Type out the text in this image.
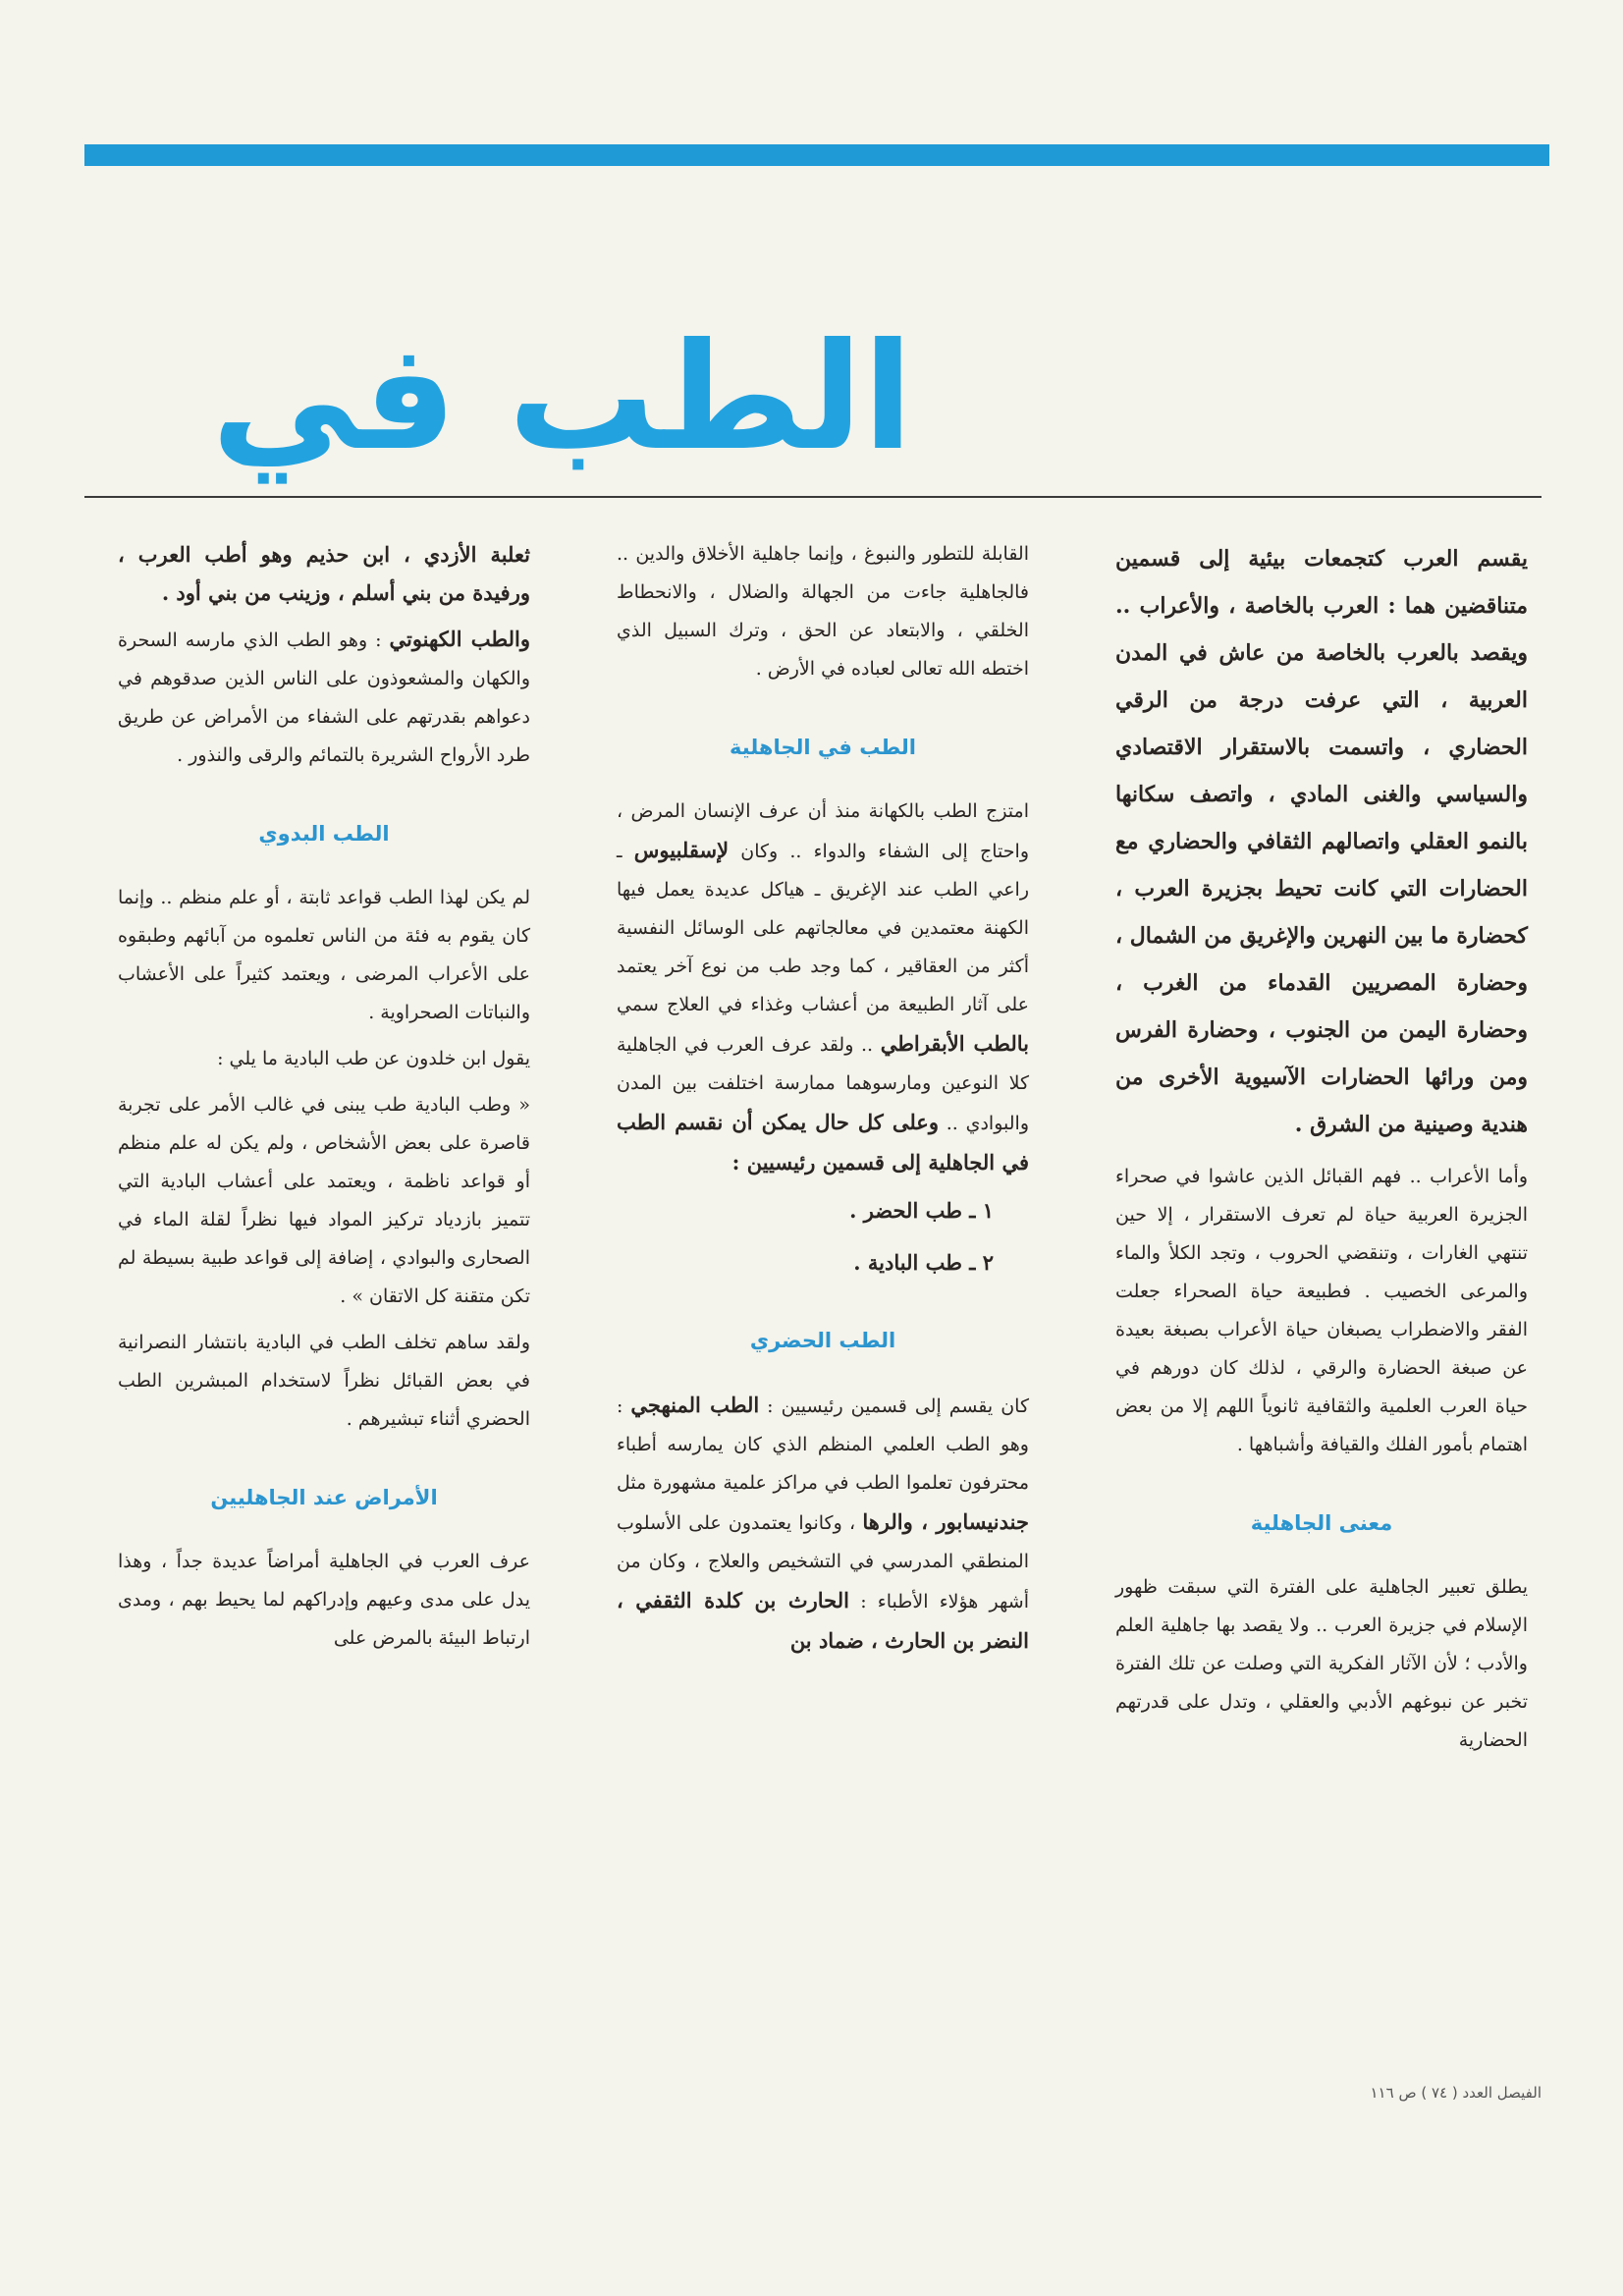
الطب في

يقسم العرب كتجمعات بيئية إلى قسمين متناقضين هما : العرب بالخاصة ، والأعراب .. ويقصد بالعرب بالخاصة من عاش في المدن العربية ، التي عرفت درجة من الرقي الحضاري ، واتسمت بالاستقرار الاقتصادي والسياسي والغنى المادي ، واتصف سكانها بالنمو العقلي واتصالهم الثقافي والحضاري مع الحضارات التي كانت تحيط بجزيرة العرب ، كحضارة ما بين النهرين والإغريق من الشمال ، وحضارة المصريين القدماء من الغرب ، وحضارة اليمن من الجنوب ، وحضارة الفرس ومن ورائها الحضارات الآسيوية الأخرى من هندية وصينية من الشرق .

وأما الأعراب .. فهم القبائل الذين عاشوا في صحراء الجزيرة العربية حياة لم تعرف الاستقرار ، إلا حين تنتهي الغارات ، وتنقضي الحروب ، وتجد الكلأ والماء والمرعى الخصيب . فطبيعة حياة الصحراء جعلت الفقر والاضطراب يصبغان حياة الأعراب بصبغة بعيدة عن صبغة الحضارة والرقي ، لذلك كان دورهم في حياة العرب العلمية والثقافية ثانوياً اللهم إلا من بعض اهتمام بأمور الفلك والقيافة وأشباهها .

معنى الجاهلية

يطلق تعبير الجاهلية على الفترة التي سبقت ظهور الإسلام في جزيرة العرب .. ولا يقصد بها جاهلية العلم والأدب ؛ لأن الآثار الفكرية التي وصلت عن تلك الفترة تخبر عن نبوغهم الأدبي والعقلي ، وتدل على قدرتهم الحضارية

القابلة للتطور والنبوغ ، وإنما جاهلية الأخلاق والدين .. فالجاهلية جاءت من الجهالة والضلال ، والانحطاط الخلقي ، والابتعاد عن الحق ، وترك السبيل الذي اختطه الله تعالى لعباده في الأرض .

الطب في الجاهلية

امتزج الطب بالكهانة منذ أن عرف الإنسان المرض ، واحتاج إلى الشفاء والدواء .. وكان لإسقلبيوس ـ راعي الطب عند الإغريق ـ هياكل عديدة يعمل فيها الكهنة معتمدين في معالجاتهم على الوسائل النفسية أكثر من العقاقير ، كما وجد طب من نوع آخر يعتمد على آثار الطبيعة من أعشاب وغذاء في العلاج سمي بالطب الأبقراطي .. ولقد عرف العرب في الجاهلية كلا النوعين ومارسوهما ممارسة اختلفت بين المدن والبوادي .. وعلى كل حال يمكن أن نقسم الطب في الجاهلية إلى قسمين رئيسيين :

١ ـ طب الحضر .
٢ ـ طب البادية .
الطب الحضري

كان يقسم إلى قسمين رئيسيين : الطب المنهجي : وهو الطب العلمي المنظم الذي كان يمارسه أطباء محترفون تعلموا الطب في مراكز علمية مشهورة مثل جندنيسابور ، والرها ، وكانوا يعتمدون على الأسلوب المنطقي المدرسي في التشخيص والعلاج ، وكان من أشهر هؤلاء الأطباء : الحارث بن كلدة الثقفي ، النضر بن الحارث ، ضماد بن

ثعلبة الأزدي ، ابن حذيم وهو أطب العرب ، ورفيدة من بني أسلم ، وزينب من بني أود .

والطب الكهنوتي : وهو الطب الذي مارسه السحرة والكهان والمشعوذون على الناس الذين صدقوهم في دعواهم بقدرتهم على الشفاء من الأمراض عن طريق طرد الأرواح الشريرة بالتمائم والرقى والنذور .

الطب البدوي

لم يكن لهذا الطب قواعد ثابتة ، أو علم منظم .. وإنما كان يقوم به فئة من الناس تعلموه من آبائهم وطبقوه على الأعراب المرضى ، ويعتمد كثيراً على الأعشاب والنباتات الصحراوية .

يقول ابن خلدون عن طب البادية ما يلي :

« وطب البادية طب يبنى في غالب الأمر على تجربة قاصرة على بعض الأشخاص ، ولم يكن له علم منظم أو قواعد ناظمة ، ويعتمد على أعشاب البادية التي تتميز بازدياد تركيز المواد فيها نظراً لقلة الماء في الصحارى والبوادي ، إضافة إلى قواعد طبية بسيطة لم تكن متقنة كل الاتقان » .

ولقد ساهم تخلف الطب في البادية بانتشار النصرانية في بعض القبائل نظراً لاستخدام المبشرين الطب الحضري أثناء تبشيرهم .

الأمراض عند الجاهليين

عرف العرب في الجاهلية أمراضاً عديدة جداً ، وهذا يدل على مدى وعيهم وإدراكهم لما يحيط بهم ، ومدى ارتباط البيئة بالمرض على

الفيصل العدد ( ٧٤ ) ص ١١٦
